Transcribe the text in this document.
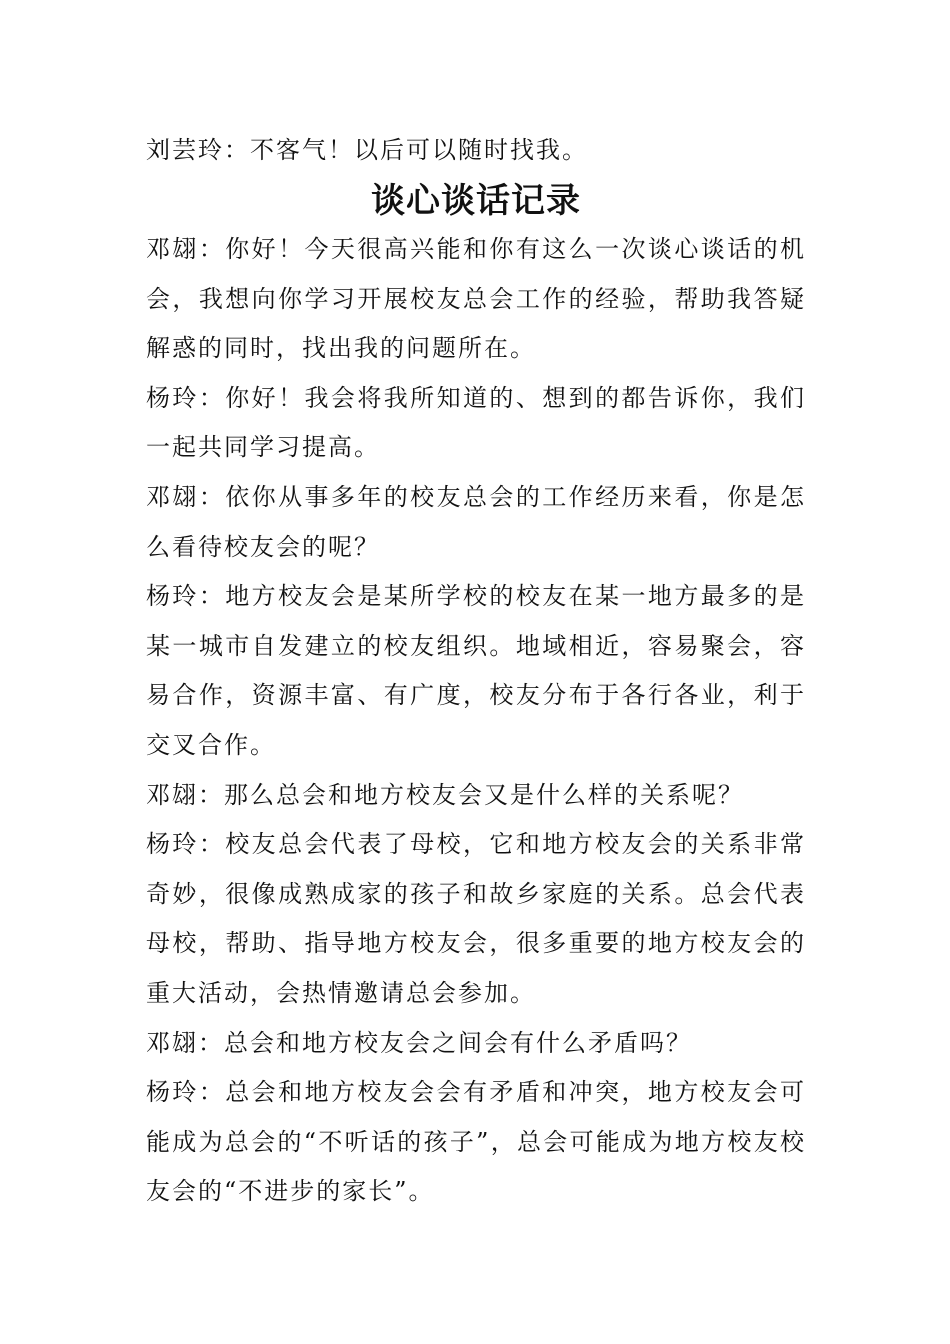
刘芸玲：不客气！以后可以随时找我。

谈心谈话记录

邓翃：你好！今天很高兴能和你有这么一次谈心谈话的机会，我想向你学习开展校友总会工作的经验，帮助我答疑解惑的同时，找出我的问题所在。

杨玲：你好！我会将我所知道的、想到的都告诉你，我们一起共同学习提高。

邓翃：依你从事多年的校友总会的工作经历来看，你是怎么看待校友会的呢？

杨玲：地方校友会是某所学校的校友在某一地方最多的是某一城市自发建立的校友组织。地域相近，容易聚会，容易合作，资源丰富、有广度，校友分布于各行各业，利于交叉合作。

邓翃：那么总会和地方校友会又是什么样的关系呢？

杨玲：校友总会代表了母校，它和地方校友会的关系非常奇妙，很像成熟成家的孩子和故乡家庭的关系。总会代表母校，帮助、指导地方校友会，很多重要的地方校友会的重大活动，会热情邀请总会参加。

邓翃：总会和地方校友会之间会有什么矛盾吗？

杨玲：总会和地方校友会会有矛盾和冲突，地方校友会可能成为总会的“不听话的孩子”，总会可能成为地方校友校友会的“不进步的家长”。
